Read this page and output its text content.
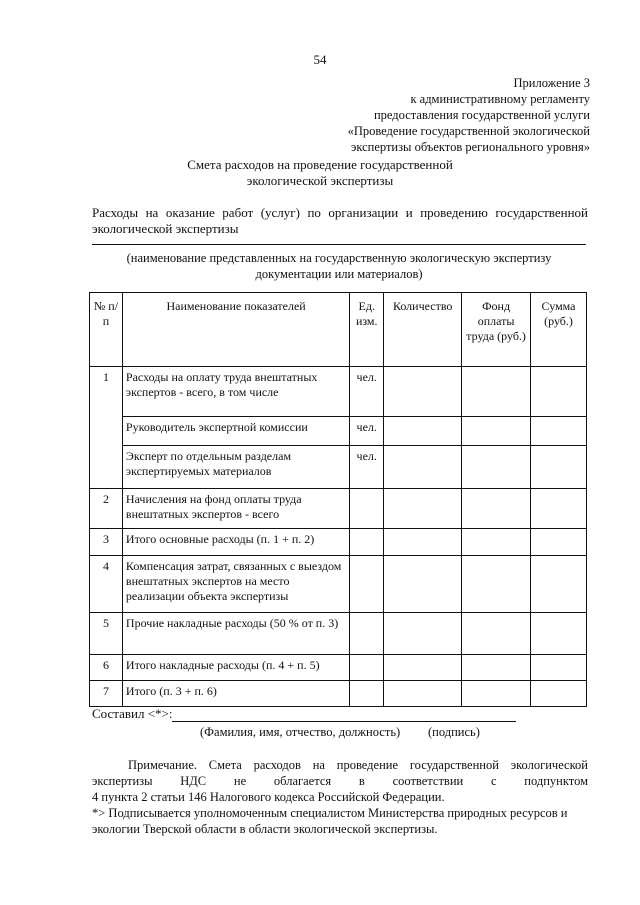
54
Приложение 3
к административному регламенту
предоставления государственной услуги
«Проведение государственной экологической
экспертизы объектов регионального уровня»
Смета расходов на проведение государственной
экологической экспертизы
Расходы на оказание работ (услуг) по организации и проведению государственной экологической экспертизы
(наименование представленных на государственную экологическую экспертизу
документации или материалов)
№ п/п	Наименование показателей	Ед. изм.	Количество	Фонд оплаты труда (руб.)	Сумма (руб.)
1	Расходы на оплату труда внештатных экспертов - всего, в том числе	чел.			
	Руководитель экспертной комиссии	чел.			
	Эксперт по отдельным разделам экспертируемых материалов	чел.			
2	Начисления на фонд оплаты труда внештатных экспертов - всего				
3	Итого основные расходы (п. 1 + п. 2)				
4	Компенсация затрат, связанных с выездом внештатных экспертов на место реализации объекта экспертизы				
5	Прочие накладные расходы (50 % от п. 3)				
6	Итого накладные расходы (п. 4 + п. 5)				
7	Итого (п. 3 + п. 6)				
Составил <*>:
(Фамилия, имя, отчество, должность) (подпись)
Примечание. Смета расходов на проведение государственной экологической
экспертизы НДС не облагается в соответствии с подпунктом
4 пункта 2 статьи 146 Налогового кодекса Российской Федерации.
*> Подписывается уполномоченным специалистом Министерства природных ресурсов и экологии Тверской области в области экологической экспертизы.
